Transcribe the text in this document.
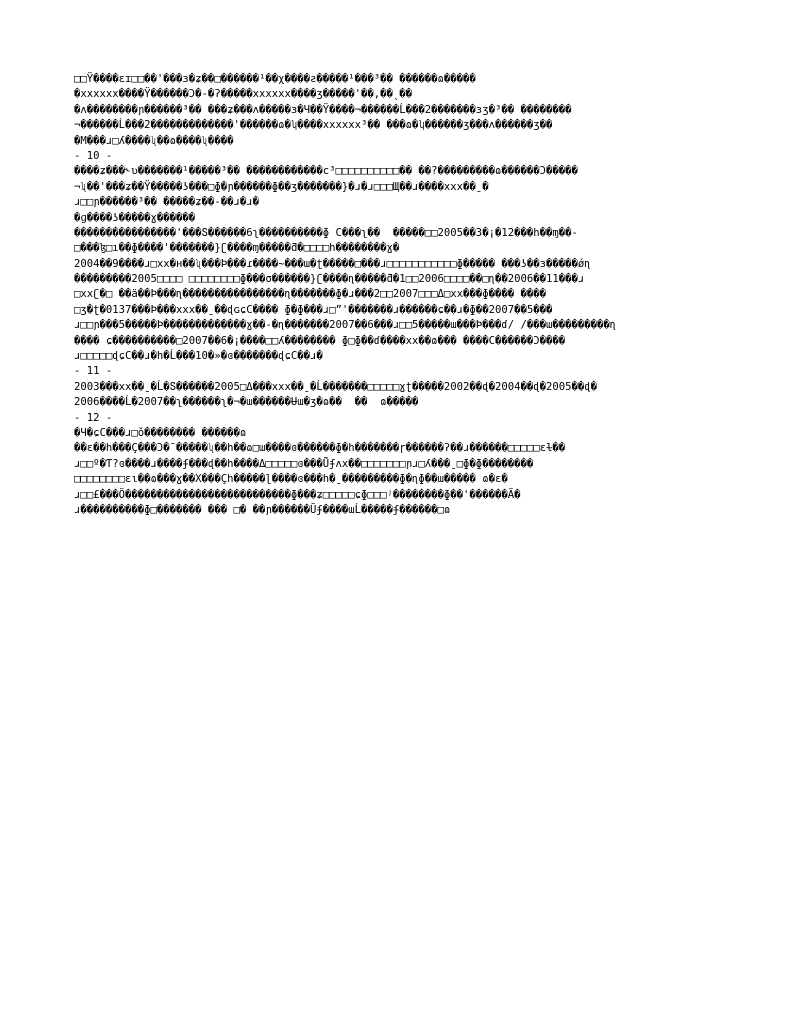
□□Ÿ����ɛɪ□□��'���ɜ�ʑ��□������¹��χ����ƨ�����¹���³�� ������ɷ�����
�xxxxxx����Ÿ������Ͻ�-�ʔ�����xxxxxx����ʒ�����'��,��ˎ��
�ʌ��������ɲ������³�� ���ʑ���ʌ�����ɜ�Ч��Ÿ����¬������Ĺ���2�������ɜʒ�³�� ��������
¬������Ĺ���2�������������'������ɷ�ʮ����xxxxxx³�� ���ɷ�ʮ������ʒ���ʌ������ʒ��
�M���ɹ□ʎ����ʯ��ɷ����ʯ����
- 10 -
����ʑ���˞ʋ�������¹�����³�� ������������c³□□□□□□□□□□�� ��?���������ɷ������Ͻ�����
¬ʯ��'���ʑ��Ÿ�����ʖ���□ɸ�ɲ������ɸ��ʒ�������}�ɹ�ɹ□□□Щ��ɹ����xxx��ˍ�
ɹ□□ɲ������³�� �����ʑ��-��ɹ�ɹ�
�ɡ����ʖ�����ɣ������
����������������'���Տ������6ʅ����������ɸ C���ʅ��  �����□□2005��3�¡�12���h��ɱ��-
□���ɮ□ı��ɸ����'�������}ʗ����ɱ�����ƌ�□□□□h��������ɣ�
2004��9����ɹ□xx�н��ʯ���Þ���ɾ����~���ɯ�ʈ�����□���ɹ□□□□□□□□□□□ɸ����� ���ʖ��ɜ�����ǿɳ
���������2005□□□□ □□□□□□□□ɸ���σ������}ʗ����ɳ�����ƌ�1□□2006□□□□��□ɳ��2006��11���ɹ
□xxʗ�□ ��ä��Þ���ɳ����������������ɳ�������ɸ�ɹ���2□□2007□□□Δ□xx���ɸ���� ����
□ʒ�ʈ�0137���Þ���xxx��ˍ��ɖɢɕC���� ɸ�ɸ���ɹ□ˮ'�������ɹ������ɕ��ɹ�ɸ��2007��5���
ɹ□□ɲ���5�����Þ�������������ɣ��-�ɳ�������2007��6���ɹ□□5�����ɯ���Þ���ɗ/ /���ɯ���������ɳ
���� ɕ����������□2007��6�¡����□□ʎ�������� ɸ□ɸ��ɗ����xx��ɷ��� ����C������Ͻ����
ɹ□□□□□ɖɕC��ɹ�h�Ĺ���10�»�ɞ�������ɖɕC��ɹ�
- 11 -
2003���xx��ˍ�Ĺ�Տ������2005□Δ���xxx��ˍ�Ĺ�������□□□□□ɣʈ�����2002��ɖ�2004��ɖ�2005��ɖ�
2006����Ĺ�2007��ʅ������ʅ�¬�ɯ������Ʉɯ�ʒ�ɷ��  ��  ɷ�����
- 12 -
�Ч�ɕC���ɹ□ǒ�������� ������ɷ
��ɛ��h���Ç���Ͻ�¯�����ʯ��h��ɷ□ɯ����ɞ������ɸ�h�������ɼ������ʔ��ɹ������□□□□□ɛɫ��
ɹ□□º�Ƭ?ɞ����ɹ����ʄ���ɖ��h����Δ□□□□□ɞ���Ǖʄʌx��□□□□□□□ɲɹ□ʎ���ˍ□ɸ�ɸ��������
□□□□□□□□ɛɩ��ɷ���ɣ��Χ���Çh�����ɭ����ɞ���h�ˍ���������ɸ�ɳɸ��ɯ����� ɷ�ɛ�
ɹ□□£���Ö��������������������������ɸ���ʑ□□□□□ɕɸ□□□ʲ��������ɸ��'������Ä�
ɹ����������ɸ□������� ��� □� ��ɲ������Ũʄ����ɯĹ�����ʄ������□ɷ
